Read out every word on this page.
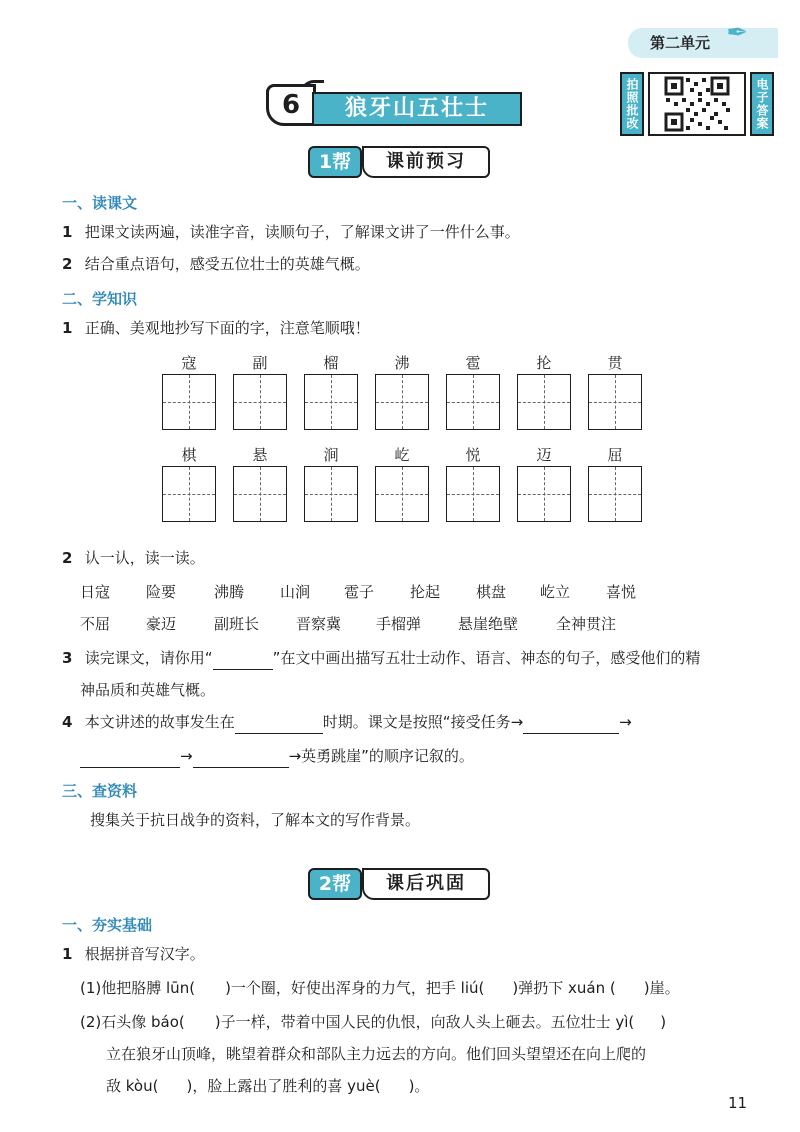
第二单元 ✒
6	狼牙山五壮士	拍照批改	电子答案
1帮	课前预习
一、读课文
1 把课文读两遍，读准字音，读顺句子，了解课文讲了一件什么事。
2 结合重点语句，感受五位壮士的英雄气概。
二、学知识
1 正确、美观地抄写下面的字，注意笔顺哦！
寇	副	榴	沸	雹	抡	贯
棋	悬	涧	屹	悦	迈	屈
2 认一认，读一读。
日寇 险要	沸腾 山涧 雹子 抡起 棋盘 屹立 喜悦
不屈 豪迈	副班长 晋察冀 手榴弹 悬崖绝壁	全神贯注
3 读完课文，请你用“	”在文中画出描写五壮士动作、语言、神态的句子，感受他们的精
神品质和英雄气概。
4 本文讲述的故事发生在	时期。课文是按照“接受任务→	→
→	→英勇跳崖”的顺序记叙的。
三、查资料
搜集关于抗日战争的资料，了解本文的写作背景。
2帮	课后巩固
一、夯实基础
1 根据拼音写汉字。
(1)他把胳膊 lūn( )一个圈，好使出浑身的力气，把手 liú( )弹扔下 xuán ( )崖。
(2)石头像 báo( )子一样，带着中国人民的仇恨，向敌人头上砸去。五位壮士 yì( )
立在狼牙山顶峰，眺望着群众和部队主力远去的方向。他们回头望望还在向上爬的
敌 kòu( )，脸上露出了胜利的喜 yuè( )。
11
